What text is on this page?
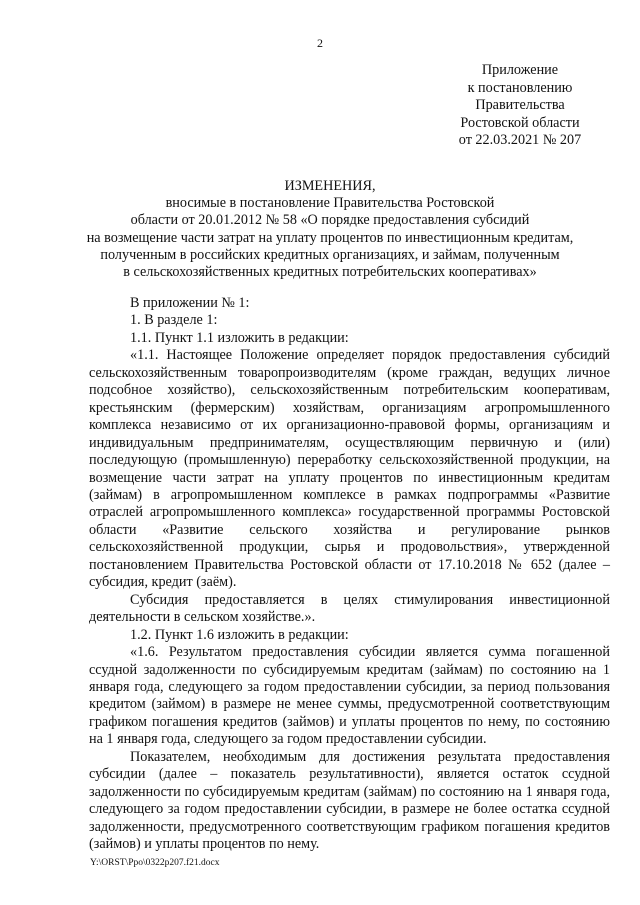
2
Приложение
к постановлению
Правительства
Ростовской области
от 22.03.2021 № 207
ИЗМЕНЕНИЯ,
вносимые в постановление Правительства Ростовской
области от 20.01.2012 № 58 «О порядке предоставления субсидий
на возмещение части затрат на уплату процентов по инвестиционным кредитам,
полученным в российских кредитных организациях, и займам, полученным
в сельскохозяйственных кредитных потребительских кооперативах»

В приложении № 1:

1. В разделе 1:

1.1. Пункт 1.1 изложить в редакции:

«1.1. Настоящее Положение определяет порядок предоставления субсидий сельскохозяйственным товаропроизводителям (кроме граждан, ведущих личное подсобное хозяйство), сельскохозяйственным потребительским кооперативам, крестьянским (фермерским) хозяйствам, организациям агропромышленного комплекса независимо от их организационно-правовой формы, организациям и индивидуальным предпринимателям, осуществляющим первичную и (или) последующую (промышленную) переработку сельскохозяйственной продукции, на возмещение части затрат на уплату процентов по инвестиционным кредитам (займам) в агропромышленном комплексе в рамках подпрограммы «Развитие отраслей агропромышленного комплекса» государственной программы Ростовской области «Развитие сельского хозяйства и регулирование рынков сельскохозяйственной продукции, сырья и продовольствия», утвержденной постановлением Правительства Ростовской области от 17.10.2018 № 652 (далее – субсидия, кредит (заём).

Субсидия предоставляется в целях стимулирования инвестиционной деятельности в сельском хозяйстве.».

1.2. Пункт 1.6 изложить в редакции:

«1.6. Результатом предоставления субсидии является сумма погашенной ссудной задолженности по субсидируемым кредитам (займам) по состоянию на 1 января года, следующего за годом предоставлении субсидии, за период пользования кредитом (займом) в размере не менее суммы, предусмотренной соответствующим графиком погашения кредитов (займов) и уплаты процентов по нему, по состоянию на 1 января года, следующего за годом предоставлении субсидии.

Показателем, необходимым для достижения результата предоставления субсидии (далее – показатель результативности), является остаток ссудной задолженности по субсидируемым кредитам (займам) по состоянию на 1 января года, следующего за годом предоставлении субсидии, в размере не более остатка ссудной задолженности, предусмотренного соответствующим графиком погашения кредитов (займов) и уплаты процентов по нему.

Y:\ORST\Ppo\0322p207.f21.docx
